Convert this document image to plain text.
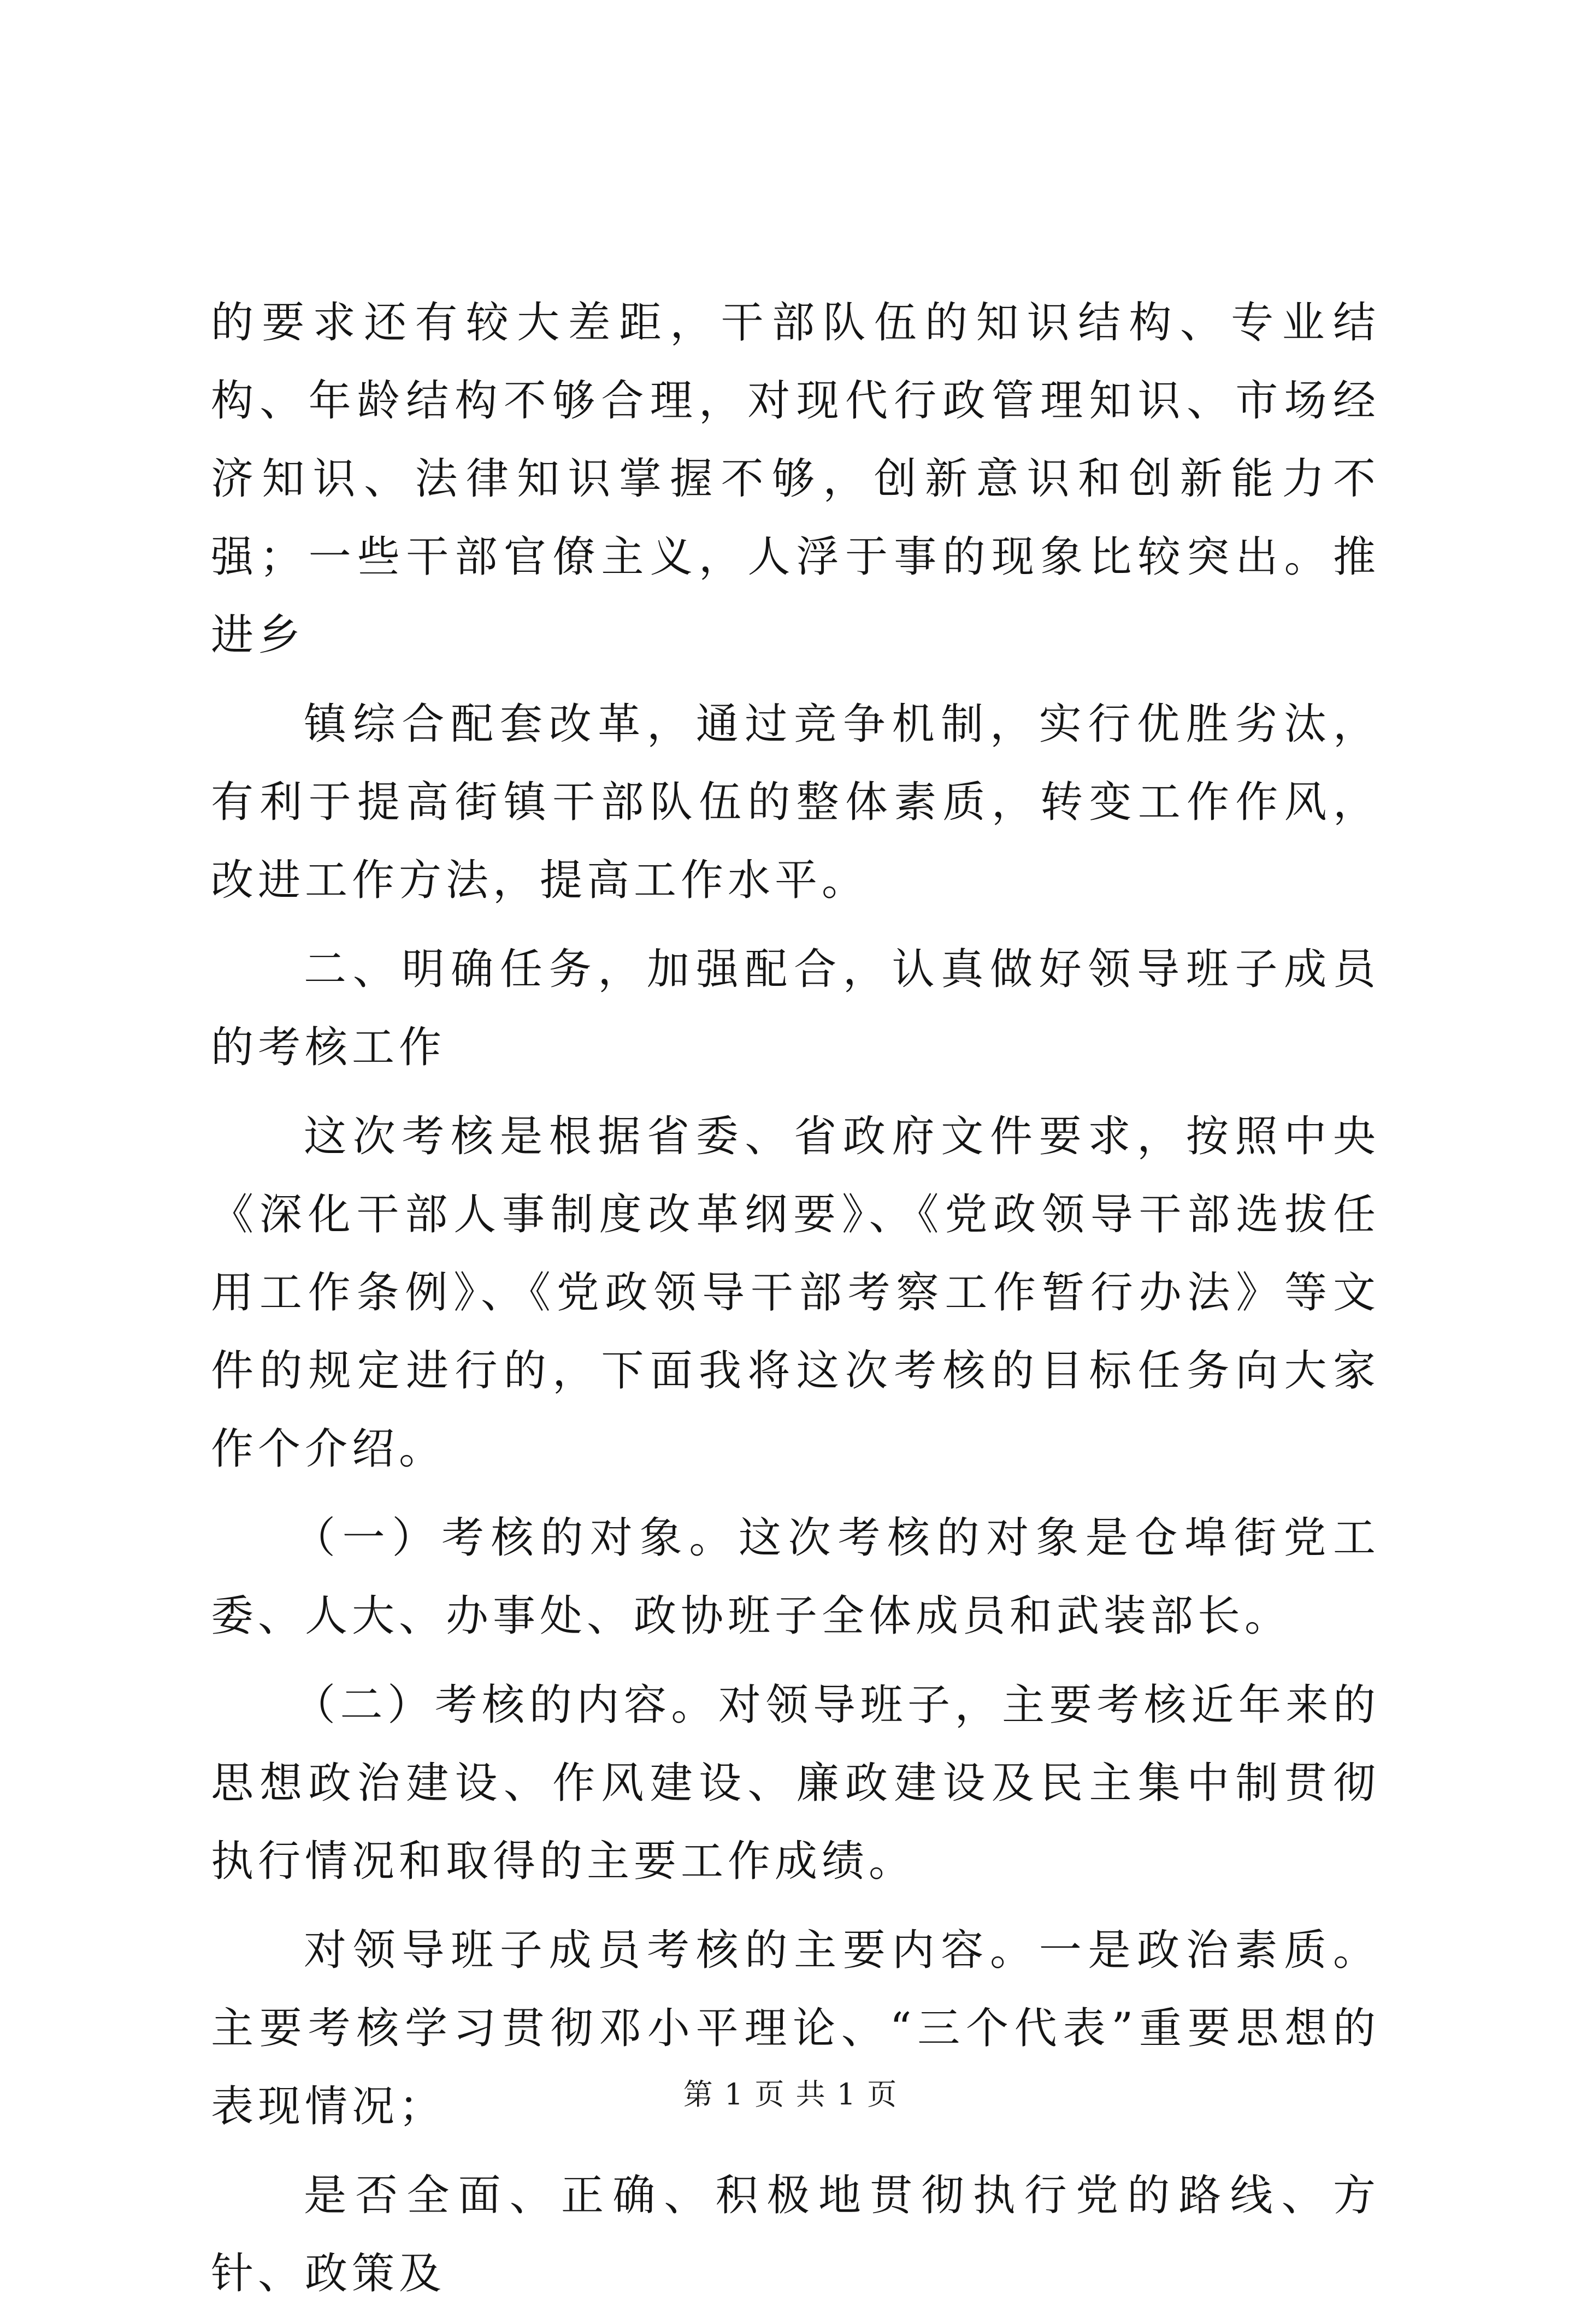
的要求还有较大差距，干部队伍的知识结构、专业结构、年龄结构不够合理，对现代行政管理知识、市场经济知识、法律知识掌握不够，创新意识和创新能力不强；一些干部官僚主义，人浮于事的现象比较突出。推进乡

镇综合配套改革，通过竞争机制，实行优胜劣汰，有利于提高街镇干部队伍的整体素质，转变工作作风，改进工作方法，提高工作水平。

二、明确任务，加强配合，认真做好领导班子成员的考核工作

这次考核是根据省委、省政府文件要求，按照中央《深化干部人事制度改革纲要》、《党政领导干部选拔任用工作条例》、《党政领导干部考察工作暂行办法》等文件的规定进行的，下面我将这次考核的目标任务向大家作个介绍。

（一）考核的对象。这次考核的对象是仓埠街党工委、人大、办事处、政协班子全体成员和武装部长。

（二）考核的内容。对领导班子，主要考核近年来的思想政治建设、作风建设、廉政建设及民主集中制贯彻执行情况和取得的主要工作成绩。

对领导班子成员考核的主要内容。一是政治素质。主要考核学习贯彻邓小平理论、“三个代表”重要思想的表现情况；

是否全面、正确、积极地贯彻执行党的路线、方针、政策及

第 1 页 共 1 页
